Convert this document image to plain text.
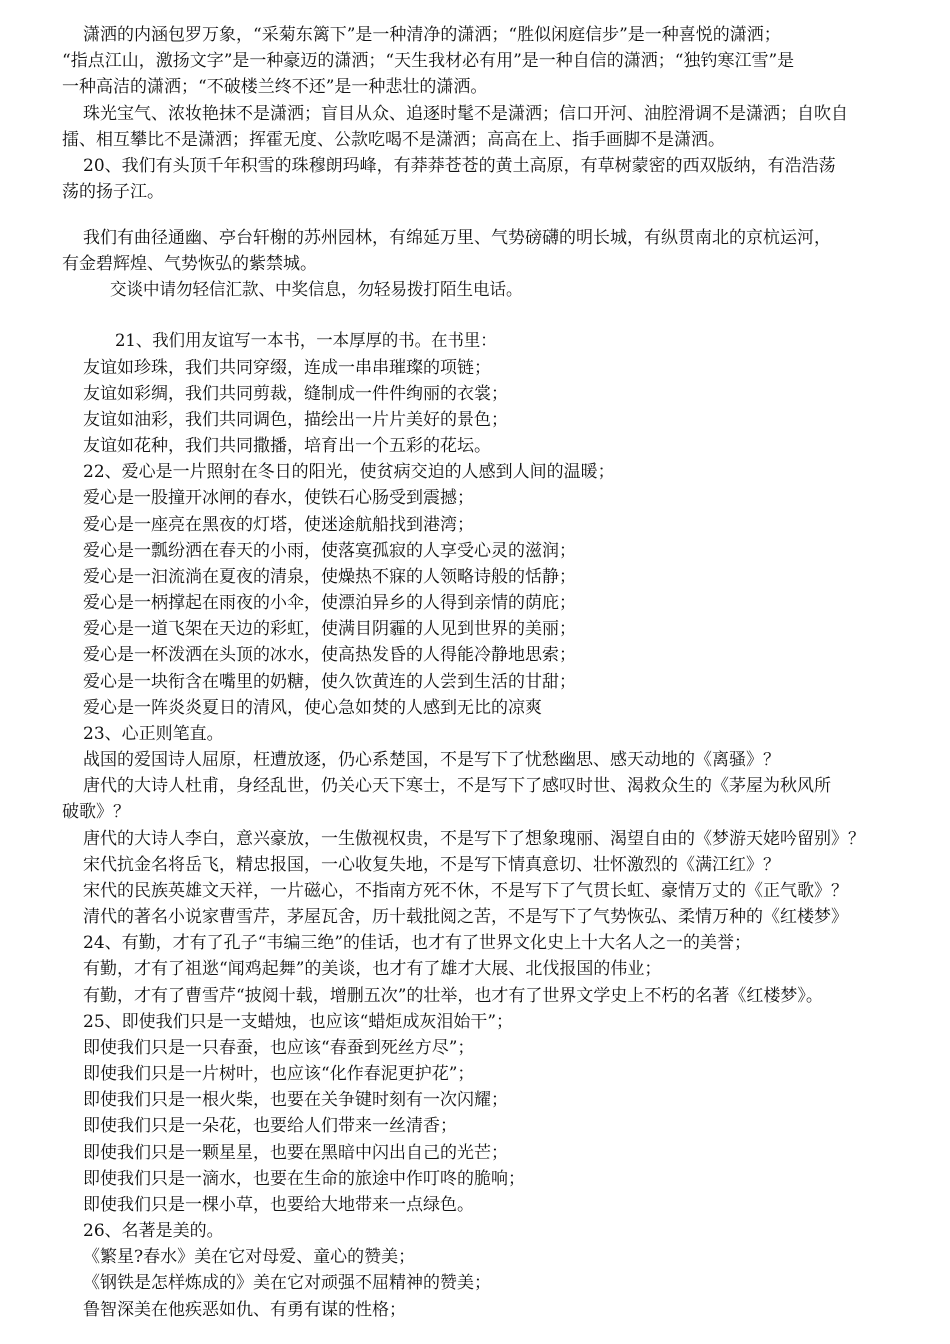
潇洒的内涵包罗万象，“采菊东篱下”是一种清净的潇洒；“胜似闲庭信步”是一种喜悦的潇洒；
“指点江山，激扬文字”是一种豪迈的潇洒；“天生我材必有用”是一种自信的潇洒；“独钓寒江雪”是
一种高洁的潇洒；“不破楼兰终不还”是一种悲壮的潇洒。
珠光宝气、浓妆艳抹不是潇洒；盲目从众、追逐时髦不是潇洒；信口开河、油腔滑调不是潇洒；自吹自
擂、相互攀比不是潇洒；挥霍无度、公款吃喝不是潇洒；高高在上、指手画脚不是潇洒。
20、我们有头顶千年积雪的珠穆朗玛峰，有莽莽苍苍的黄土高原，有草树蒙密的西双版纳，有浩浩荡
荡的扬子江。
我们有曲径通幽、亭台轩榭的苏州园林，有绵延万里、气势磅礴的明长城，有纵贯南北的京杭运河，
有金碧辉煌、气势恢弘的紫禁城。
交谈中请勿轻信汇款、中奖信息，勿轻易拨打陌生电话。
21、我们用友谊写一本书，一本厚厚的书。在书里：
友谊如珍珠，我们共同穿缀，连成一串串璀璨的项链；
友谊如彩绸，我们共同剪裁，缝制成一件件绚丽的衣裳；
友谊如油彩，我们共同调色，描绘出一片片美好的景色；
友谊如花种，我们共同撒播，培育出一个五彩的花坛。
22、爱心是一片照射在冬日的阳光，使贫病交迫的人感到人间的温暖；
爱心是一股撞开冰闸的春水，使铁石心肠受到震撼；
爱心是一座亮在黑夜的灯塔，使迷途航船找到港湾；
爱心是一瓢纷洒在春天的小雨，使落寞孤寂的人享受心灵的滋润；
爱心是一汩流淌在夏夜的清泉，使燥热不寐的人领略诗般的恬静；
爱心是一柄撑起在雨夜的小伞，使漂泊异乡的人得到亲情的荫庇；
爱心是一道飞架在天边的彩虹，使满目阴霾的人见到世界的美丽；
爱心是一杯泼洒在头顶的冰水，使高热发昏的人得能冷静地思索；
爱心是一块衔含在嘴里的奶糖，使久饮黄连的人尝到生活的甘甜；
爱心是一阵炎炎夏日的清风，使心急如焚的人感到无比的凉爽
23、心正则笔直。
战国的爱国诗人屈原，枉遭放逐，仍心系楚国，不是写下了忧愁幽思、感天动地的《离骚》？
唐代的大诗人杜甫，身经乱世，仍关心天下寒士，不是写下了感叹时世、渴救众生的《茅屋为秋风所
破歌》？
唐代的大诗人李白，意兴豪放，一生傲视权贵，不是写下了想象瑰丽、渴望自由的《梦游天姥吟留别》？
宋代抗金名将岳飞，精忠报国，一心收复失地，不是写下情真意切、壮怀激烈的《满江红》？
宋代的民族英雄文天祥，一片磁心，不指南方死不休，不是写下了气贯长虹、豪情万丈的《正气歌》？
清代的著名小说家曹雪芹，茅屋瓦舍，历十载批阅之苦，不是写下了气势恢弘、柔情万种的《红楼梦》
24、有勤，才有了孔子“韦编三绝”的佳话，也才有了世界文化史上十大名人之一的美誉；
有勤，才有了祖逖“闻鸡起舞”的美谈，也才有了雄才大展、北伐报国的伟业；
有勤，才有了曹雪芹“披阅十载，增删五次”的壮举，也才有了世界文学史上不朽的名著《红楼梦》。
25、即使我们只是一支蜡烛，也应该“蜡炬成灰泪始干”；
即使我们只是一只春蚕，也应该“春蚕到死丝方尽”；
即使我们只是一片树叶，也应该“化作春泥更护花”；
即使我们只是一根火柴，也要在关争键时刻有一次闪耀；
即使我们只是一朵花，也要给人们带来一丝清香；
即使我们只是一颗星星，也要在黑暗中闪出自己的光芒；
即使我们只是一滴水，也要在生命的旅途中作叮咚的脆响；
即使我们只是一棵小草，也要给大地带来一点绿色。
26、名著是美的。
《繁星?春水》美在它对母爱、童心的赞美；
《钢铁是怎样炼成的》美在它对顽强不屈精神的赞美；
鲁智深美在他疾恶如仇、有勇有谋的性格；
